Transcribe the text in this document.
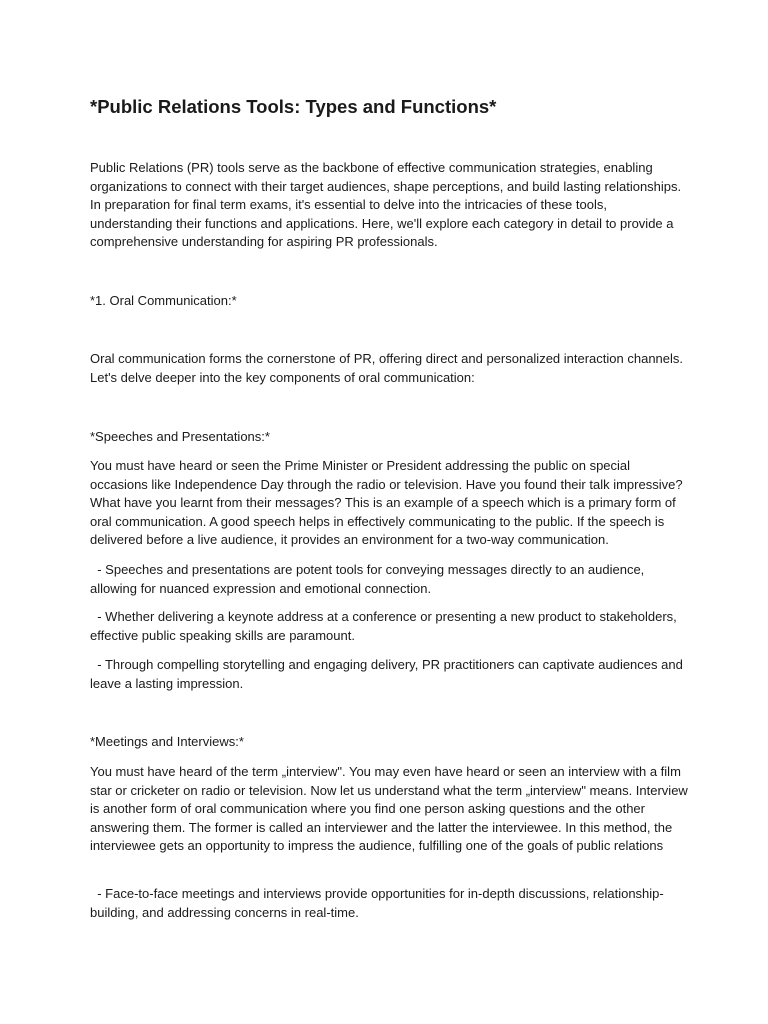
*Public Relations Tools: Types and Functions*

Public Relations (PR) tools serve as the backbone of effective communication strategies, enabling organizations to connect with their target audiences, shape perceptions, and build lasting relationships. In preparation for final term exams, it's essential to delve into the intricacies of these tools, understanding their functions and applications. Here, we'll explore each category in detail to provide a comprehensive understanding for aspiring PR professionals.

*1. Oral Communication:*

Oral communication forms the cornerstone of PR, offering direct and personalized interaction channels. Let's delve deeper into the key components of oral communication:

*Speeches and Presentations:*

You must have heard or seen the Prime Minister or President addressing the public on special occasions like Independence Day through the radio or television. Have you found their talk impressive? What have you learnt from their messages? This is an example of a speech which is a primary form of oral communication. A good speech helps in effectively communicating to the public. If the speech is delivered before a live audience, it provides an environment for a two-way communication.

- Speeches and presentations are potent tools for conveying messages directly to an audience, allowing for nuanced expression and emotional connection.

- Whether delivering a keynote address at a conference or presenting a new product to stakeholders, effective public speaking skills are paramount.

- Through compelling storytelling and engaging delivery, PR practitioners can captivate audiences and leave a lasting impression.

*Meetings and Interviews:*

You must have heard of the term „interview". You may even have heard or seen an interview with a film star or cricketer on radio or television. Now let us understand what the term „interview" means. Interview is another form of oral communication where you find one person asking questions and the other answering them. The former is called an interviewer and the latter the interviewee. In this method, the interviewee gets an opportunity to impress the audience, fulfilling one of the goals of public relations

- Face-to-face meetings and interviews provide opportunities for in-depth discussions, relationship-building, and addressing concerns in real-time.
